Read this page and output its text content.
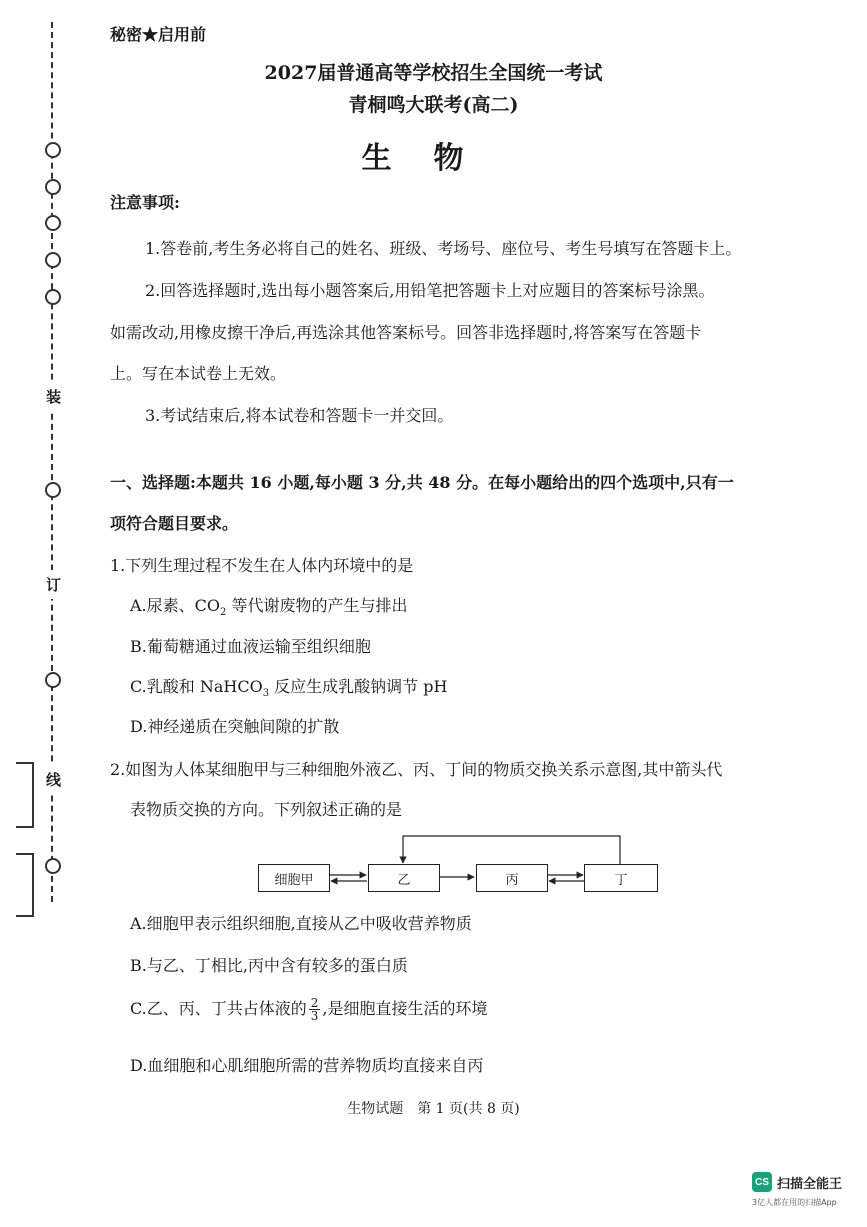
装
订
线
秘密★启用前
2027届普通高等学校招生全国统一考试
青桐鸣大联考(高二)
生物
注意事项:
1.答卷前,考生务必将自己的姓名、班级、考场号、座位号、考生号填写在答题卡上。
2.回答选择题时,选出每小题答案后,用铅笔把答题卡上对应题目的答案标号涂黑。
如需改动,用橡皮擦干净后,再选涂其他答案标号。回答非选择题时,将答案写在答题卡
上。写在本试卷上无效。
3.考试结束后,将本试卷和答题卡一并交回。
一、选择题:本题共 16 小题,每小题 3 分,共 48 分。在每小题给出的四个选项中,只有一
项符合题目要求。
1.下列生理过程不发生在人体内环境中的是
A.尿素、$CO_2$ 等代谢废物的产生与排出
B.葡萄糖通过血液运输至组织细胞
C.乳酸和 NaHCO$_3$ 反应生成乳酸钠调节 pH
D.神经递质在突触间隙的扩散
2.如图为人体某细胞甲与三种细胞外液乙、丙、丁间的物质交换关系示意图,其中箭头代
表物质交换的方向。下列叙述正确的是
细胞甲	乙	丙	丁
A.细胞甲表示组织细胞,直接从乙中吸收营养物质
B.与乙、丁相比,丙中含有较多的蛋白质
C.乙、丙、丁共占体液的 $\frac{2}{3}$ ,是细胞直接生活的环境
D.血细胞和心肌细胞所需的营养物质均直接来自丙
生物试题　第 1 页(共 8 页)
CS 扫描全能王
3亿人都在用的扫描App
